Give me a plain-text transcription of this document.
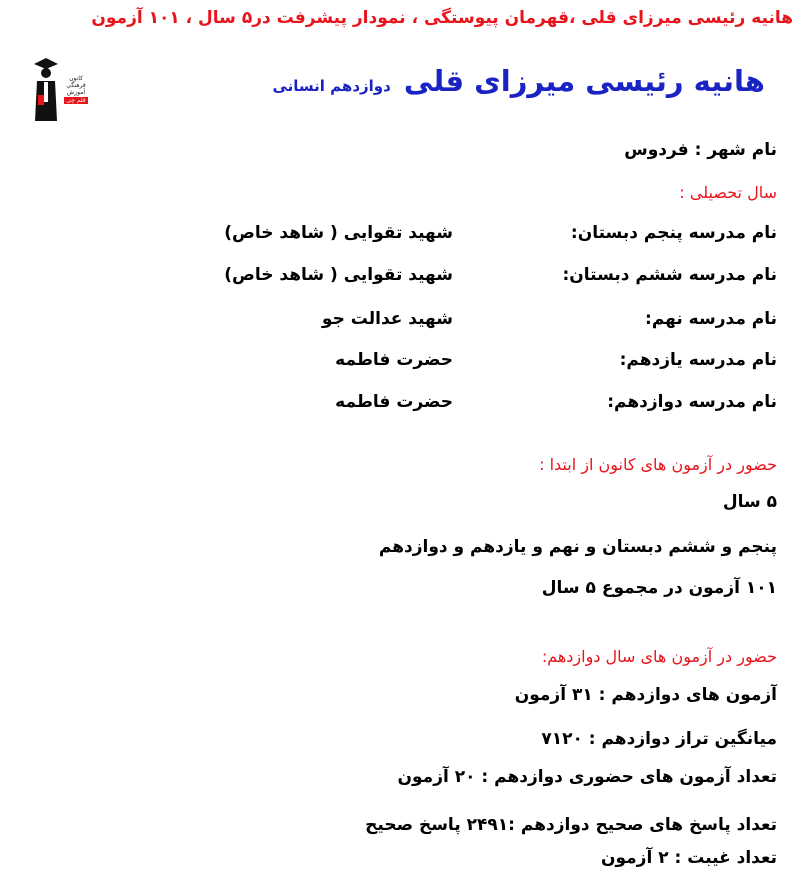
هانیه رئیسی میرزای قلی ،قهرمان پیوستگی ، نمودار پیشرفت در۵ سال ، ۱۰۱ آزمون
کانون
فرهنگی
آموزش
قلم چی
هانیه رئیسی میرزای قلی دوازدهم انسانی
نام شهر : فردوس
سال تحصیلی :
نام مدرسه پنجم دبستان:
شهید تقوایی ( شاهد خاص)
نام مدرسه ششم دبستان:
شهید تقوایی ( شاهد خاص)
نام مدرسه نهم:
شهید عدالت جو
نام مدرسه یازدهم:
حضرت فاطمه
نام مدرسه دوازدهم:
حضرت فاطمه
حضور در آزمون های کانون از ابتدا :
۵ سال
پنجم و ششم دبستان و نهم و یازدهم و دوازدهم
۱۰۱ آزمون در مجموع ۵ سال
حضور در آزمون های سال دوازدهم:
آزمون های دوازدهم : ۳۱ آزمون
میانگین تراز دوازدهم : ۷۱۲۰
تعداد آزمون های حضوری دوازدهم : ۲۰ آزمون
تعداد پاسخ های صحیح دوازدهم :۲۴۹۱ پاسخ صحیح
تعداد غیبت : ۲ آزمون
